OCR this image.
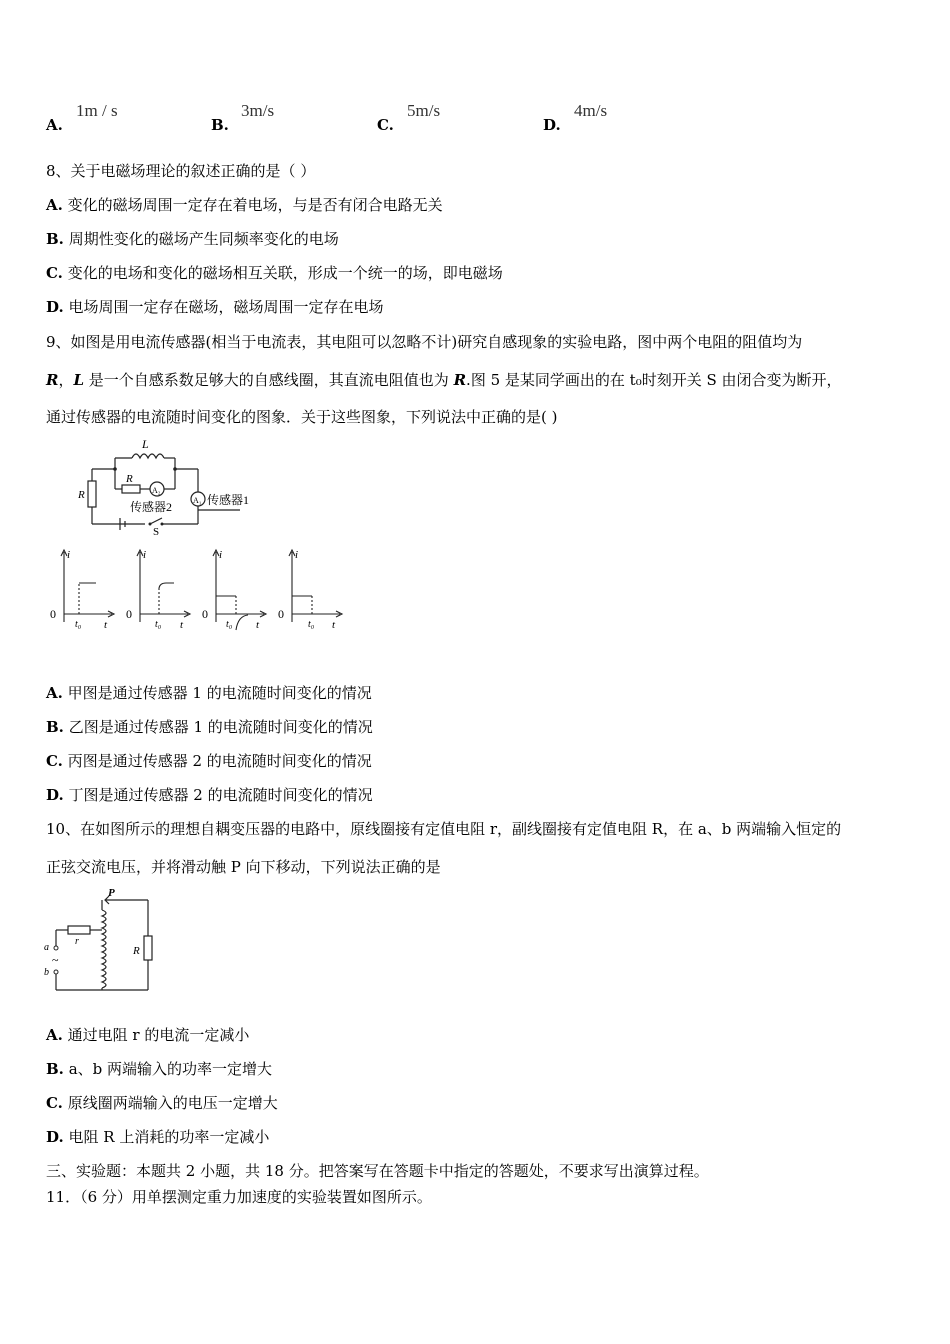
A.
1m / s
B.
3m/s
C.
5m/s
D.
4m/s
8、关于电磁场理论的叙述正确的是（ ）
A. 变化的磁场周围一定存在着电场，与是否有闭合电路无关
B. 周期性变化的磁场产生同频率变化的电场
C. 变化的电场和变化的磁场相互关联，形成一个统一的场，即电磁场
D. 电场周围一定存在磁场，磁场周围一定存在电场
9、如图是用电流传感器(相当于电流表，其电阻可以忽略不计)研究自感现象的实验电路，图中两个电阻的阻值均为
R，L 是一个自感系数足够大的自感线圈，其直流电阻值也为 R.图 5 是某同学画出的在 t₀时刻开关 S 由闭合变为断开，
通过传感器的电流随时间变化的图象．关于这些图象，下列说法中正确的是( )
L
R
R	A₂
A₁
传感器2	传感器1
S
i
0
t₀ t
i
0
t₀ t
i
0
t₀ t
i
0
t₀ t
A. 甲图是通过传感器 1 的电流随时间变化的情况
B. 乙图是通过传感器 1 的电流随时间变化的情况
C. 丙图是通过传感器 2 的电流随时间变化的情况
D. 丁图是通过传感器 2 的电流随时间变化的情况
10、在如图所示的理想自耦变压器的电路中，原线圈接有定值电阻 r，副线圈接有定值电阻 R，在 a、b 两端输入恒定的
正弦交流电压，并将滑动触 P 向下移动，下列说法正确的是
P
r
R
a
b
~
A. 通过电阻 r 的电流一定减小
B. a、b 两端输入的功率一定增大
C. 原线圈两端输入的电压一定增大
D. 电阻 R 上消耗的功率一定减小
三、实验题：本题共 2 小题，共 18 分。把答案写在答题卡中指定的答题处，不要求写出演算过程。
11．（6 分）用单摆测定重力加速度的实验装置如图所示。
